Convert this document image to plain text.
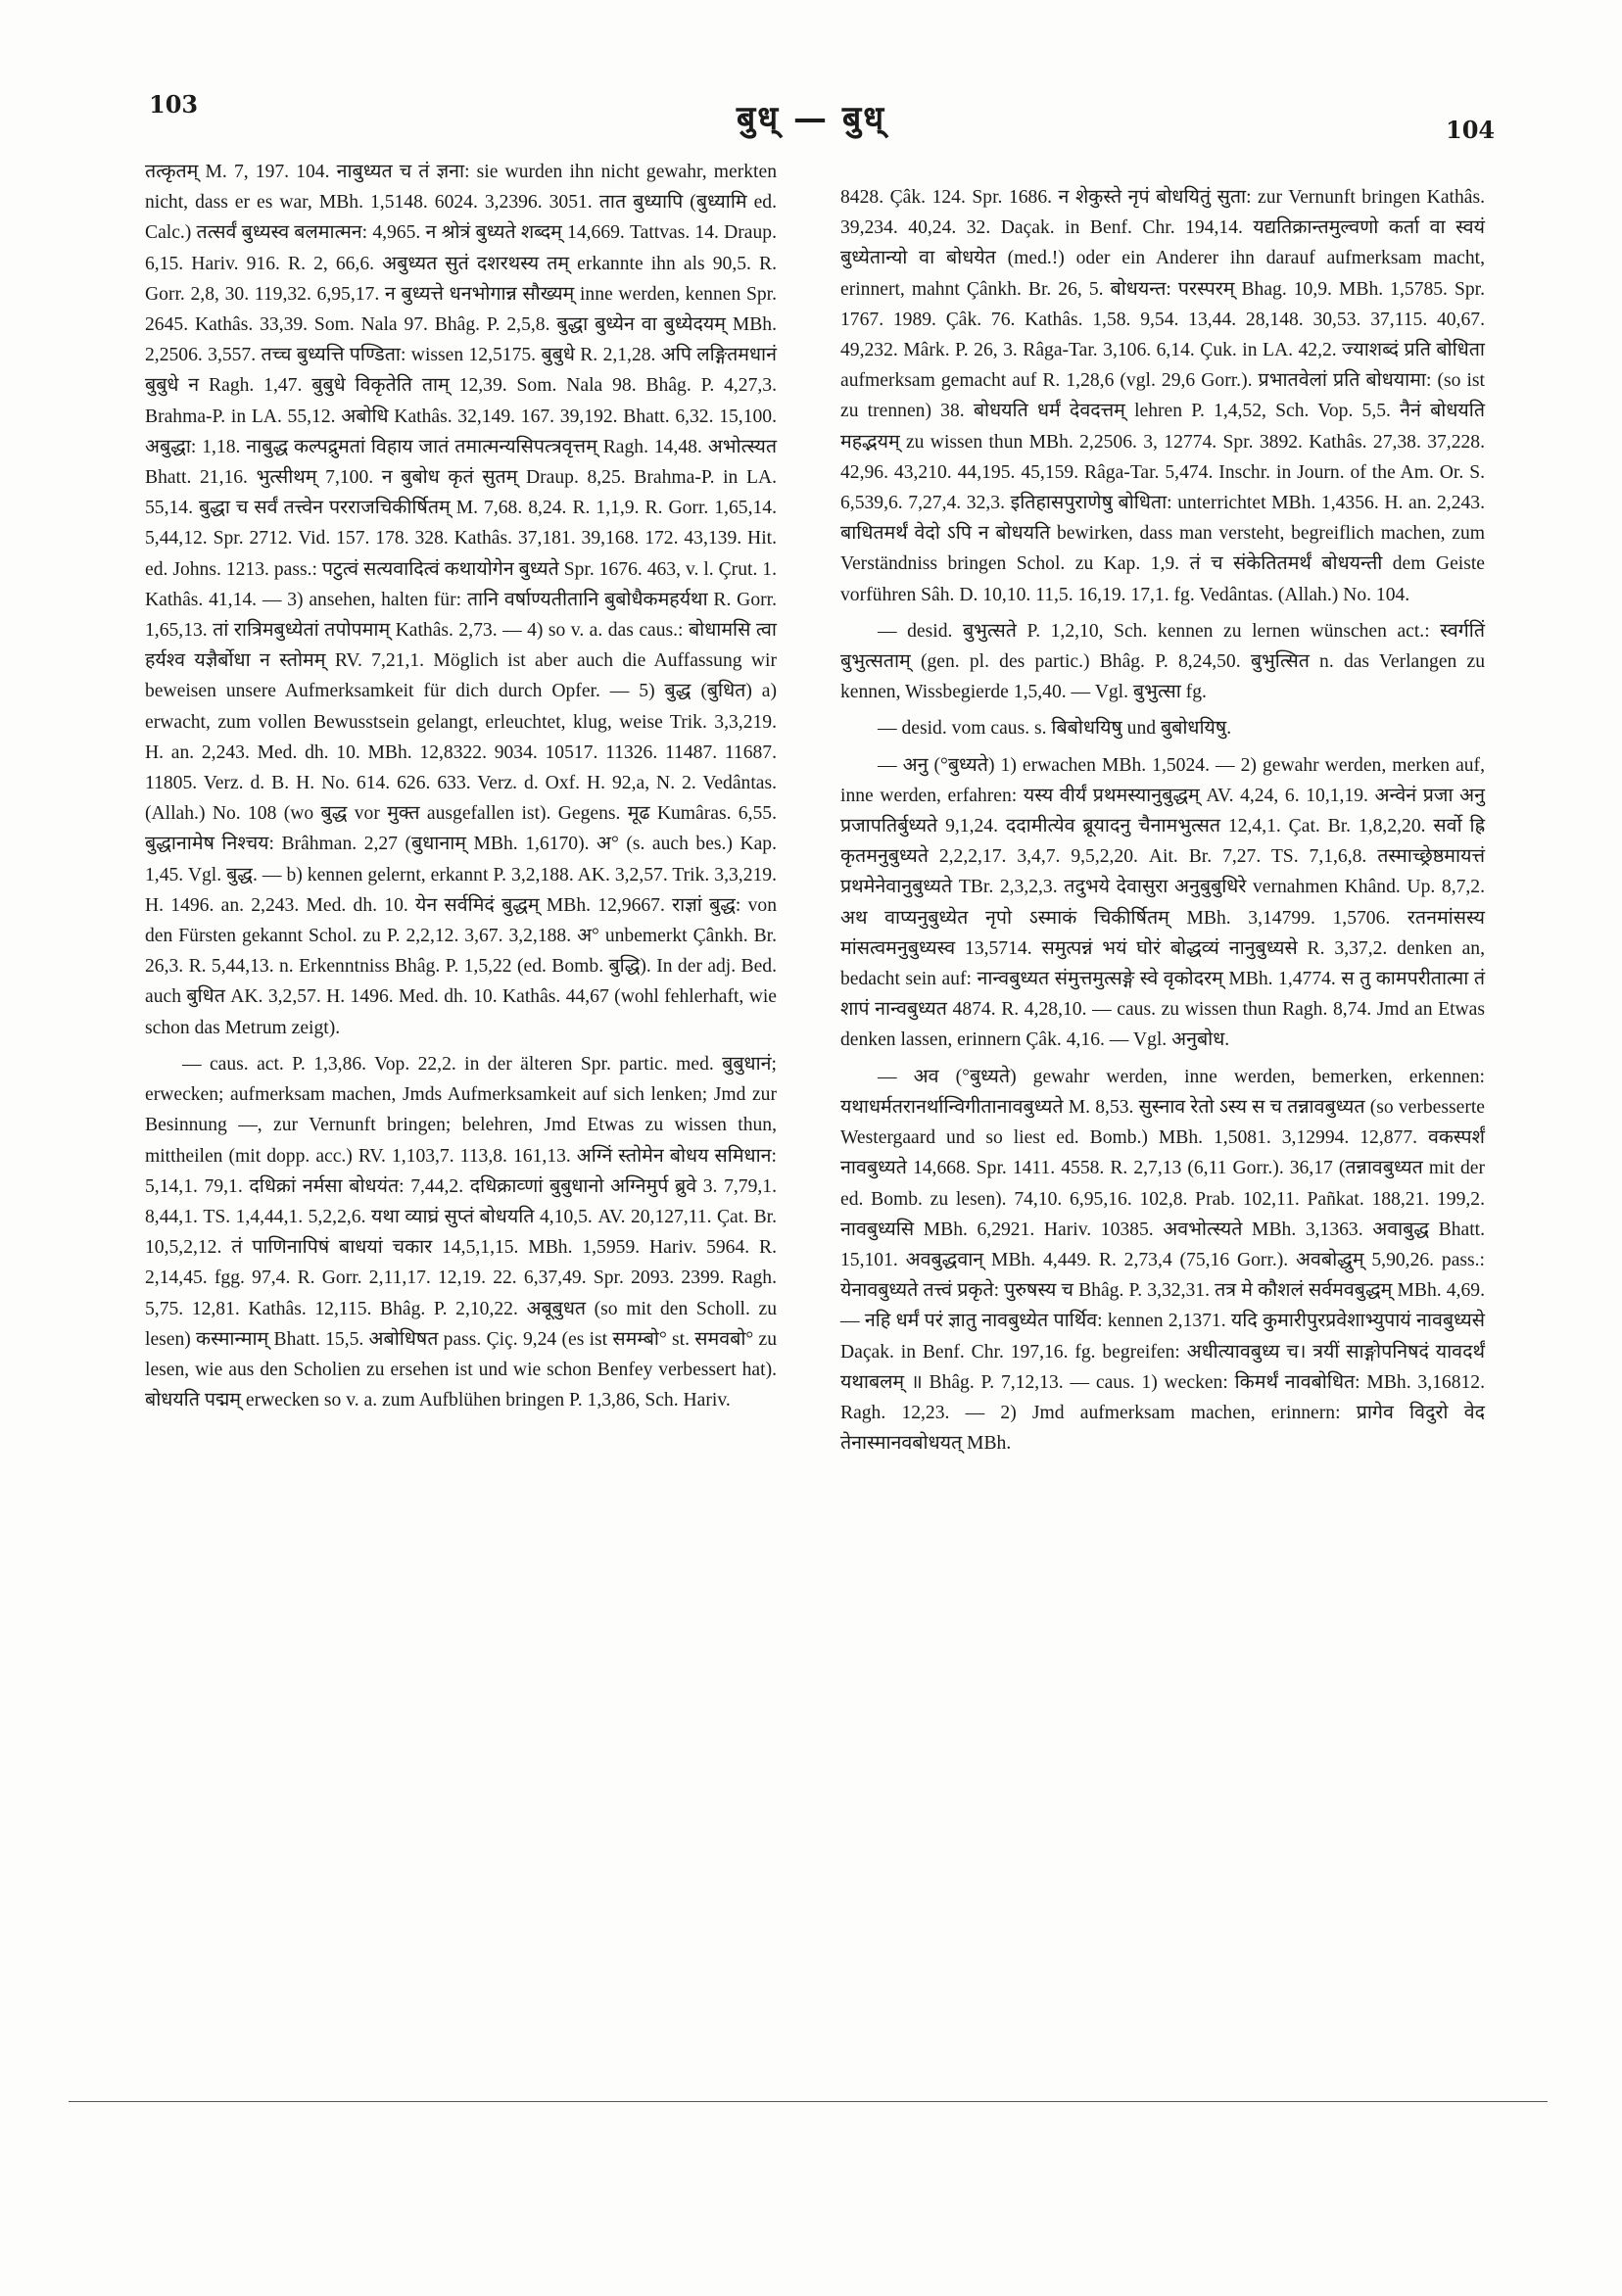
103	बुध् — बुध्	104

तत्कृतम् M. 7, 197. 104. नाबुध्यत च तं ज्ञना: sie wurden ihn nicht gewahr, merkten nicht, dass er es war, MBh. 1,5148. 6024. 3,2396. 3051. तात बुध्यापि (बुध्यामि ed. Calc.) तत्सर्वं बुध्यस्व बलमात्मन: 4,965. न श्रोत्रं बुध्यते शब्दम् 14,669. Tattvas. 14. Draup. 6,15. Hariv. 916. R. 2, 66,6. अबुध्यत सुतं दशरथस्य तम् erkannte ihn als 90,5. R. Gorr. 2,8, 30. 119,32. 6,95,17. न बुध्यत्ते धनभोगान्न सौख्यम् inne werden, kennen Spr. 2645. Kathâs. 33,39. Som. Nala 97. Bhâg. P. 2,5,8. बुद्धा बुध्येन वा बुध्येदयम् MBh. 2,2506. 3,557. तच्च बुध्यत्ति पण्डिता: wissen 12,5175. बुबुधे R. 2,1,28. अपि लङ्गितमधानं बुबुधे न Ragh. 1,47. बुबुधे विकृतेति ताम् 12,39. Som. Nala 98. Bhâg. P. 4,27,3. Brahma-P. in LA. 55,12. अबोधि Kathâs. 32,149. 167. 39,192. Bhatt. 6,32. 15,100. अबुद्धा: 1,18. नाबुद्ध कल्पद्रुमतां विहाय जातं तमात्मन्यसिपत्त्रवृत्तम् Ragh. 14,48. अभोत्स्यत Bhatt. 21,16. भुत्सीथम् 7,100. न बुबोध कृतं सुतम् Draup. 8,25. Brahma-P. in LA. 55,14. बुद्धा च सर्वं तत्त्वेन परराजचिकीर्षितम् M. 7,68. 8,24. R. 1,1,9. R. Gorr. 1,65,14. 5,44,12. Spr. 2712. Vid. 157. 178. 328. Kathâs. 37,181. 39,168. 172. 43,139. Hit. ed. Johns. 1213. pass.: पटुत्वं सत्यवादित्वं कथायोगेन बुध्यते Spr. 1676. 463, v. l. Çrut. 1. Kathâs. 41,14. — 3) ansehen, halten für: तानि वर्षाण्यतीतानि बुबोधैकमहर्यथा R. Gorr. 1,65,13. तां रात्रिमबुध्येतां तपोपमाम् Kathâs. 2,73. — 4) so v. a. das caus.: बोधामसि त्वा हर्यश्व यज्ञैर्बोधा न स्तोमम् RV. 7,21,1. Möglich ist aber auch die Auffassung wir beweisen unsere Aufmerksamkeit für dich durch Opfer. — 5) बुद्ध (बुधित) a) erwacht, zum vollen Bewusstsein gelangt, erleuchtet, klug, weise Trik. 3,3,219. H. an. 2,243. Med. dh. 10. MBh. 12,8322. 9034. 10517. 11326. 11487. 11687. 11805. Verz. d. B. H. No. 614. 626. 633. Verz. d. Oxf. H. 92,a, N. 2. Vedântas. (Allah.) No. 108 (wo बुद्ध vor मुक्त ausgefallen ist). Gegens. मूढ Kumâras. 6,55. बुद्धानामेष निश्चय: Brâhman. 2,27 (बुधानाम् MBh. 1,6170). अ° (s. auch bes.) Kap. 1,45. Vgl. बुद्ध. — b) kennen gelernt, erkannt P. 3,2,188. AK. 3,2,57. Trik. 3,3,219. H. 1496. an. 2,243. Med. dh. 10. येन सर्वमिदं बुद्धम् MBh. 12,9667. राज्ञां बुद्ध: von den Fürsten gekannt Schol. zu P. 2,2,12. 3,67. 3,2,188. अ° unbemerkt Çânkh. Br. 26,3. R. 5,44,13. n. Erkenntniss Bhâg. P. 1,5,22 (ed. Bomb. बुद्धि). In der adj. Bed. auch बुधित AK. 3,2,57. H. 1496. Med. dh. 10. Kathâs. 44,67 (wohl fehlerhaft, wie schon das Metrum zeigt).

— caus. act. P. 1,3,86. Vop. 22,2. in der älteren Spr. partic. med. बुबुधानं; erwecken; aufmerksam machen, Jmds Aufmerksamkeit auf sich lenken; Jmd zur Besinnung —, zur Vernunft bringen; belehren, Jmd Etwas zu wissen thun, mittheilen (mit dopp. acc.) RV. 1,103,7. 113,8. 161,13. अग्निं स्तोमेन बोधय समिधान: 5,14,1. 79,1. दधिक्रां नर्मसा बोधयंत: 7,44,2. दधिक्राव्णां बुबुधानो अग्निमुर्प ब्रुवे 3. 7,79,1. 8,44,1. TS. 1,4,44,1. 5,2,2,6. यथा व्याघ्रं सुप्तं बोधयति 4,10,5. AV. 20,127,11. Çat. Br. 10,5,2,12. तं पाणिनापिषं बाधयां चकार 14,5,1,15. MBh. 1,5959. Hariv. 5964. R. 2,14,45. fgg. 97,4. R. Gorr. 2,11,17. 12,19. 22. 6,37,49. Spr. 2093. 2399. Ragh. 5,75. 12,81. Kathâs. 12,115. Bhâg. P. 2,10,22. अबूबुधत (so mit den Scholl. zu lesen) कस्मान्माम् Bhatt. 15,5. अबोधिषत pass. Çiç. 9,24 (es ist समम्बो° st. समवबो° zu lesen, wie aus den Scholien zu ersehen ist und wie schon Benfey verbessert hat). बोधयति पद्मम् erwecken so v. a. zum Aufblühen bringen P. 1,3,86, Sch. Hariv.

8428. Çâk. 124. Spr. 1686. न शेकुस्ते नृपं बोधयितुं सुता: zur Vernunft bringen Kathâs. 39,234. 40,24. 32. Daçak. in Benf. Chr. 194,14. यद्यतिक्रान्तमुल्वणो कर्ता वा स्वयं बुध्येतान्यो वा बोधयेत (med.!) oder ein Anderer ihn darauf aufmerksam macht, erinnert, mahnt Çânkh. Br. 26, 5. बोधयन्त: परस्परम् Bhag. 10,9. MBh. 1,5785. Spr. 1767. 1989. Çâk. 76. Kathâs. 1,58. 9,54. 13,44. 28,148. 30,53. 37,115. 40,67. 49,232. Mârk. P. 26, 3. Râga-Tar. 3,106. 6,14. Çuk. in LA. 42,2. ज्याशब्दं प्रति बोधिता aufmerksam gemacht auf R. 1,28,6 (vgl. 29,6 Gorr.). प्रभातवेलां प्रति बोधयामा: (so ist zu trennen) 38. बोधयति धर्मं देवदत्तम् lehren P. 1,4,52, Sch. Vop. 5,5. नैनं बोधयति महद्भयम् zu wissen thun MBh. 2,2506. 3, 12774. Spr. 3892. Kathâs. 27,38. 37,228. 42,96. 43,210. 44,195. 45,159. Râga-Tar. 5,474. Inschr. in Journ. of the Am. Or. S. 6,539,6. 7,27,4. 32,3. इतिहासपुराणेषु बोधिता: unterrichtet MBh. 1,4356. H. an. 2,243. बाधितमर्थं वेदो ऽपि न बोधयति bewirken, dass man versteht, begreiflich machen, zum Verständniss bringen Schol. zu Kap. 1,9. तं च संकेतितमर्थं बोधयन्ती dem Geiste vorführen Sâh. D. 10,10. 11,5. 16,19. 17,1. fg. Vedântas. (Allah.) No. 104.

— desid. बुभुत्सते P. 1,2,10, Sch. kennen zu lernen wünschen act.: स्वर्गतिं बुभुत्सताम् (gen. pl. des partic.) Bhâg. P. 8,24,50. बुभुत्सित n. das Verlangen zu kennen, Wissbegierde 1,5,40. — Vgl. बुभुत्सा fg.

— desid. vom caus. s. बिबोधयिषु und बुबोधयिषु.

— अनु (°बुध्यते) 1) erwachen MBh. 1,5024. — 2) gewahr werden, merken auf, inne werden, erfahren: यस्य वीर्यं प्रथमस्यानुबुद्धम् AV. 4,24, 6. 10,1,19. अन्वेनं प्रजा अनु प्रजापतिर्बुध्यते 9,1,24. ददामीत्येव ब्रूयादनु चैनामभुत्सत 12,4,1. Çat. Br. 1,8,2,20. सर्वो ह्रि कृतमनुबुध्यते 2,2,2,17. 3,4,7. 9,5,2,20. Ait. Br. 7,27. TS. 7,1,6,8. तस्माच्छ्रेष्ठमायत्तं प्रथमेनेवानुबुध्यते TBr. 2,3,2,3. तदुभये देवासुरा अनुबुबुधिरे vernahmen Khând. Up. 8,7,2. अथ वाप्यनुबुध्येत नृपो ऽस्माकं चिकीर्षितम् MBh. 3,14799. 1,5706. रतनमांसस्य मांसत्वमनुबुध्यस्व 13,5714. समुत्पन्नं भयं घोरं बोद्धव्यं नानुबुध्यसे R. 3,37,2. denken an, bedacht sein auf: नान्वबुध्यत संमुत्तमुत्सङ्गे स्वे वृकोदरम् MBh. 1,4774. स तु कामपरीतात्मा तं शापं नान्वबुध्यत 4874. R. 4,28,10. — caus. zu wissen thun Ragh. 8,74. Jmd an Etwas denken lassen, erinnern Çâk. 4,16. — Vgl. अनुबोध.

— अव (°बुध्यते) gewahr werden, inne werden, bemerken, erkennen: यथाधर्मतरानर्थान्विगीतानावबुध्यते M. 8,53. सुस्नाव रेतो ऽस्य स च तन्नावबुध्यत (so verbesserte Westergaard und so liest ed. Bomb.) MBh. 1,5081. 3,12994. 12,877. वकस्पर्शं नावबुध्यते 14,668. Spr. 1411. 4558. R. 2,7,13 (6,11 Gorr.). 36,17 (तन्नावबुध्यत mit der ed. Bomb. zu lesen). 74,10. 6,95,16. 102,8. Prab. 102,11. Pañkat. 188,21. 199,2. नावबुध्यसि MBh. 6,2921. Hariv. 10385. अवभोत्स्यते MBh. 3,1363. अवाबुद्ध Bhatt. 15,101. अवबुद्धवान् MBh. 4,449. R. 2,73,4 (75,16 Gorr.). अवबोद्धुम् 5,90,26. pass.: येनावबुध्यते तत्त्वं प्रकृते: पुरुषस्य च Bhâg. P. 3,32,31. तत्र मे कौशलं सर्वमवबुद्धम् MBh. 4,69. — नहि धर्मं परं ज्ञातु नावबुध्येत पार्थिव: kennen 2,1371. यदि कुमारीपुरप्रवेशाभ्युपायं नावबुध्यसे Daçak. in Benf. Chr. 197,16. fg. begreifen: अधीत्यावबुध्य च। त्रयीं साङ्गोपनिषदं यावदर्थं यथाबलम् ॥ Bhâg. P. 7,12,13. — caus. 1) wecken: किमर्थं नावबोधित: MBh. 3,16812. Ragh. 12,23. — 2) Jmd aufmerksam machen, erinnern: प्रागेव विदुरो वेद तेनास्मानवबोधयत् MBh.
